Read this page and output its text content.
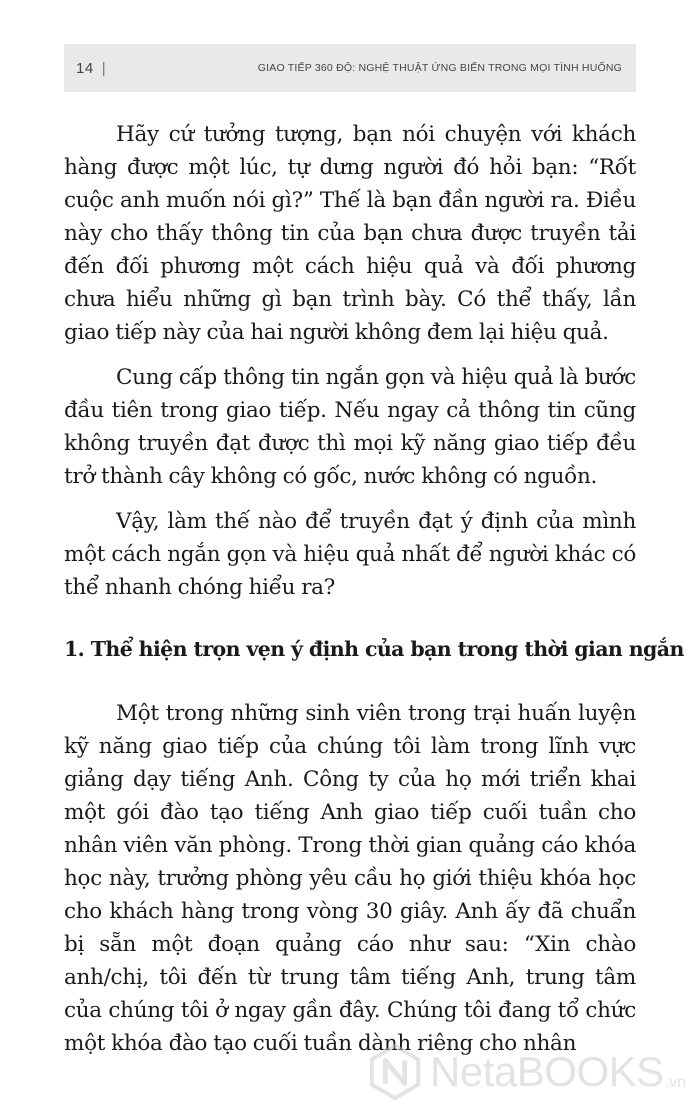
14 |	GIAO TIẾP 360 ĐỘ: NGHỆ THUẬT ỨNG BIẾN TRONG MỌI TÌNH HUỐNG

Hãy cứ tưởng tượng, bạn nói chuyện với khách hàng được một lúc, tự dưng người đó hỏi bạn: “Rốt cuộc anh muốn nói gì?” Thế là bạn đần người ra. Điều này cho thấy thông tin của bạn chưa được truyền tải đến đối phương một cách hiệu quả và đối phương chưa hiểu những gì bạn trình bày. Có thể thấy, lần giao tiếp này của hai người không đem lại hiệu quả.

Cung cấp thông tin ngắn gọn và hiệu quả là bước đầu tiên trong giao tiếp. Nếu ngay cả thông tin cũng không truyền đạt được thì mọi kỹ năng giao tiếp đều trở thành cây không có gốc, nước không có nguồn.

Vậy, làm thế nào để truyền đạt ý định của mình một cách ngắn gọn và hiệu quả nhất để người khác có thể nhanh chóng hiểu ra?

1. Thể hiện trọn vẹn ý định của bạn trong thời gian ngắn

Một trong những sinh viên trong trại huấn luyện kỹ năng giao tiếp của chúng tôi làm trong lĩnh vực giảng dạy tiếng Anh. Công ty của họ mới triển khai một gói đào tạo tiếng Anh giao tiếp cuối tuần cho nhân viên văn phòng. Trong thời gian quảng cáo khóa học này, trưởng phòng yêu cầu họ giới thiệu khóa học cho khách hàng trong vòng 30 giây. Anh ấy đã chuẩn bị sẵn một đoạn quảng cáo như sau: “Xin chào anh/chị, tôi đến từ trung tâm tiếng Anh, trung tâm của chúng tôi ở ngay gần đây. Chúng tôi đang tổ chức một khóa đào tạo cuối tuần dành riêng cho nhân

NetaBOOKS .vn
